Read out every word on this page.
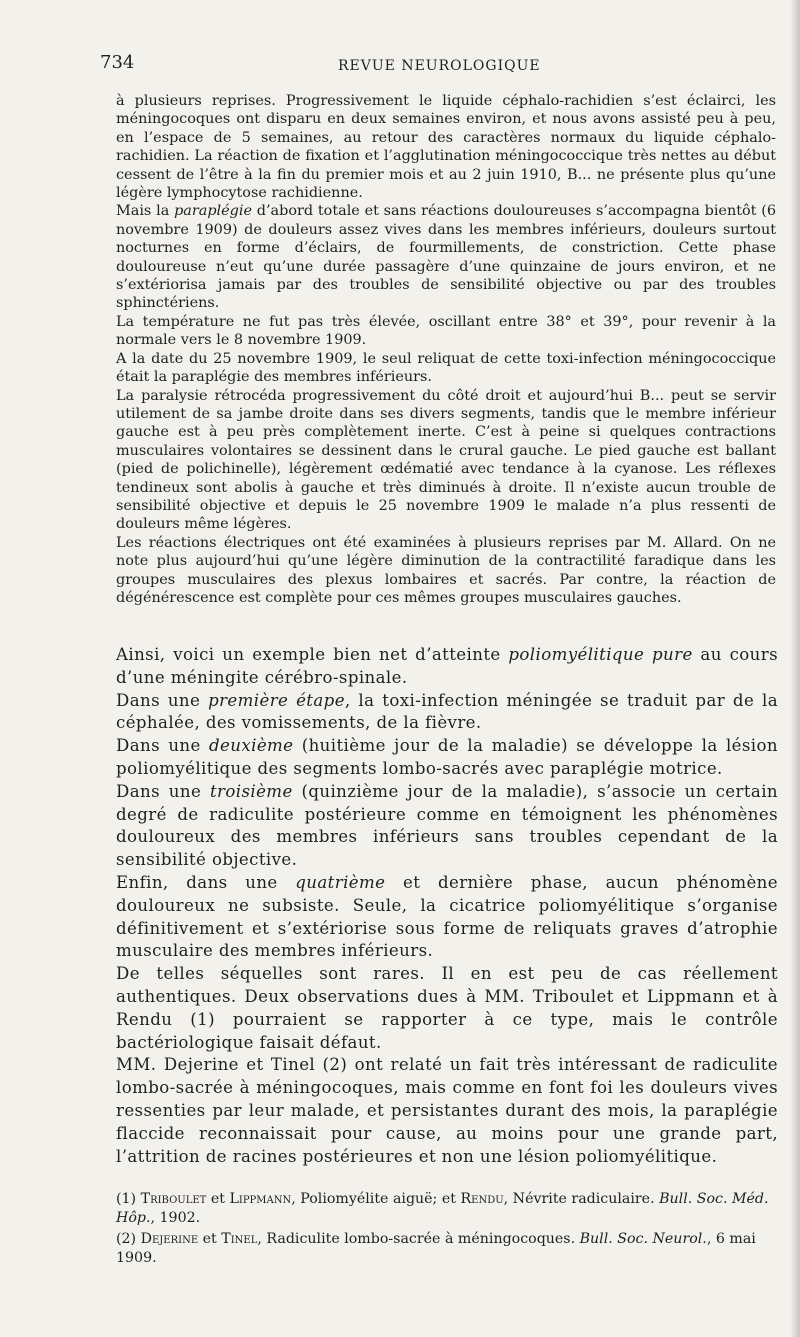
734	REVUE NEUROLOGIQUE

à plusieurs reprises. Progressivement le liquide céphalo-rachidien s’est éclairci, les méningocoques ont disparu en deux semaines environ, et nous avons assisté peu à peu, en l’espace de 5 semaines, au retour des caractères normaux du liquide céphalo-rachidien. La réaction de fixation et l’agglutination méningococcique très nettes au début cessent de l’être à la fin du premier mois et au 2 juin 1910, B... ne présente plus qu’une légère lymphocytose rachidienne.

Mais la paraplégie d’abord totale et sans réactions douloureuses s’accompagna bientôt (6 novembre 1909) de douleurs assez vives dans les membres inférieurs, douleurs surtout nocturnes en forme d’éclairs, de fourmillements, de constriction. Cette phase douloureuse n’eut qu’une durée passagère d’une quinzaine de jours environ, et ne s’extériorisa jamais par des troubles de sensibilité objective ou par des troubles sphinctériens.

La température ne fut pas très élevée, oscillant entre 38° et 39°, pour revenir à la normale vers le 8 novembre 1909.

A la date du 25 novembre 1909, le seul reliquat de cette toxi-infection méningococcique était la paraplégie des membres inférieurs.

La paralysie rétrocéda progressivement du côté droit et aujourd’hui B... peut se servir utilement de sa jambe droite dans ses divers segments, tandis que le membre inférieur gauche est à peu près complètement inerte. C’est à peine si quelques contractions musculaires volontaires se dessinent dans le crural gauche. Le pied gauche est ballant (pied de polichinelle), légèrement œdématié avec tendance à la cyanose. Les réflexes tendineux sont abolis à gauche et très diminués à droite. Il n’existe aucun trouble de sensibilité objective et depuis le 25 novembre 1909 le malade n’a plus ressenti de douleurs même légères.

Les réactions électriques ont été examinées à plusieurs reprises par M. Allard. On ne note plus aujourd’hui qu’une légère diminution de la contractilité faradique dans les groupes musculaires des plexus lombaires et sacrés. Par contre, la réaction de dégénérescence est complète pour ces mêmes groupes musculaires gauches.

Ainsi, voici un exemple bien net d’atteinte poliomyélitique pure au cours d’une méningite cérébro-spinale.

Dans une première étape, la toxi-infection méningée se traduit par de la céphalée, des vomissements, de la fièvre.

Dans une deuxième (huitième jour de la maladie) se développe la lésion poliomyélitique des segments lombo-sacrés avec paraplégie motrice.

Dans une troisième (quinzième jour de la maladie), s’associe un certain degré de radiculite postérieure comme en témoignent les phénomènes douloureux des membres inférieurs sans troubles cependant de la sensibilité objective.

Enfin, dans une quatrième et dernière phase, aucun phénomène douloureux ne subsiste. Seule, la cicatrice poliomyélitique s’organise définitivement et s’extériorise sous forme de reliquats graves d’atrophie musculaire des membres inférieurs.

De telles séquelles sont rares. Il en est peu de cas réellement authentiques. Deux observations dues à MM. Triboulet et Lippmann et à Rendu (1) pourraient se rapporter à ce type, mais le contrôle bactériologique faisait défaut.

MM. Dejerine et Tinel (2) ont relaté un fait très intéressant de radiculite lombo-sacrée à méningocoques, mais comme en font foi les douleurs vives ressenties par leur malade, et persistantes durant des mois, la paraplégie flaccide reconnaissait pour cause, au moins pour une grande part, l’attrition de racines postérieures et non une lésion poliomyélitique.

(1) Triboulet et Lippmann, Poliomyélite aiguë; et Rendu, Névrite radiculaire. Bull. Soc. Méd. Hôp., 1902.

(2) Dejerine et Tinel, Radiculite lombo-sacrée à méningocoques. Bull. Soc. Neurol., 6 mai 1909.
